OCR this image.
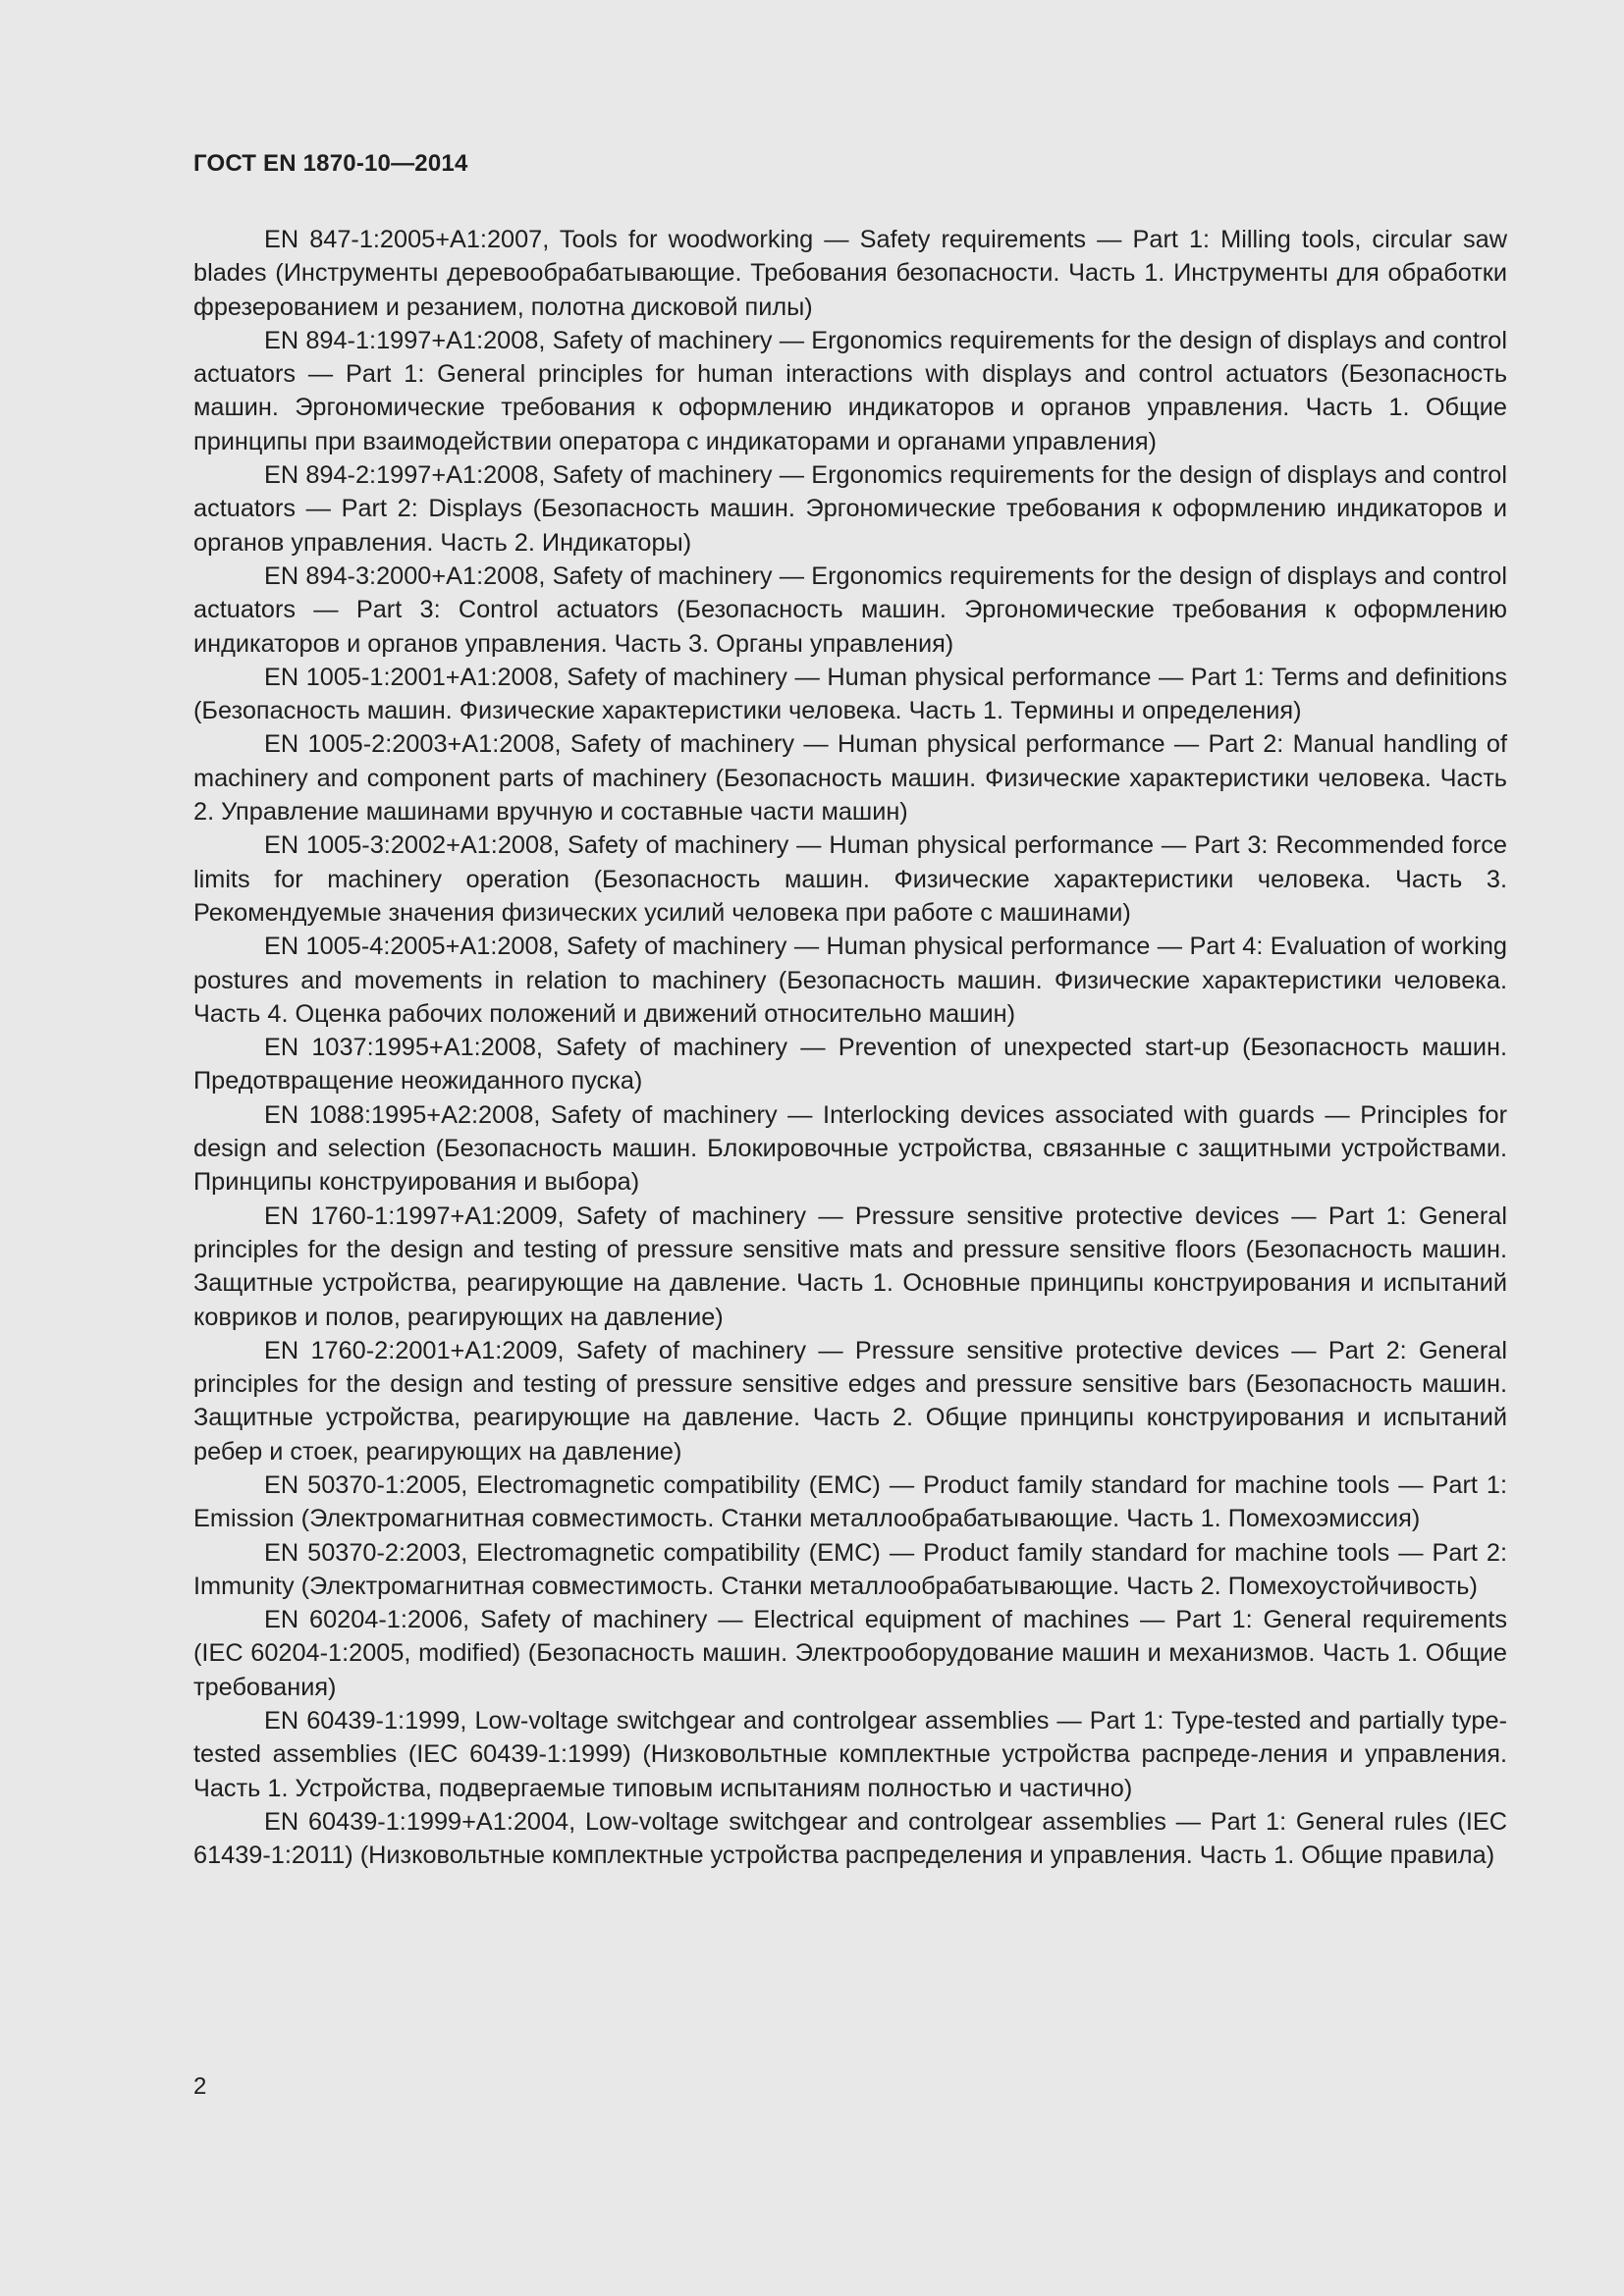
ГОСТ EN 1870-10—2014

EN 847-1:2005+A1:2007, Tools for woodworking — Safety requirements — Part 1: Milling tools, circular saw blades (Инструменты деревообрабатывающие. Требования безопасности. Часть 1. Инструменты для обработки фрезерованием и резанием, полотна дисковой пилы)

EN 894-1:1997+A1:2008, Safety of machinery — Ergonomics requirements for the design of displays and control actuators — Part 1: General principles for human interactions with displays and control actuators (Безопасность машин. Эргономические требования к оформлению индикаторов и органов управления. Часть 1. Общие принципы при взаимодействии оператора с индикаторами и органами управления)

EN 894-2:1997+A1:2008, Safety of machinery — Ergonomics requirements for the design of displays and control actuators — Part 2: Displays (Безопасность машин. Эргономические требования к оформлению индикаторов и органов управления. Часть 2. Индикаторы)

EN 894-3:2000+A1:2008, Safety of machinery — Ergonomics requirements for the design of displays and control actuators — Part 3: Control actuators (Безопасность машин. Эргономические требования к оформлению индикаторов и органов управления. Часть 3. Органы управления)

EN 1005-1:2001+A1:2008, Safety of machinery — Human physical performance — Part 1: Terms and definitions (Безопасность машин. Физические характеристики человека. Часть 1. Термины и определения)

EN 1005-2:2003+A1:2008, Safety of machinery — Human physical performance — Part 2: Manual handling of machinery and component parts of machinery (Безопасность машин. Физические характеристики человека. Часть 2. Управление машинами вручную и составные части машин)

EN 1005-3:2002+A1:2008, Safety of machinery — Human physical performance — Part 3: Recommended force limits for machinery operation (Безопасность машин. Физические характеристики человека. Часть 3. Рекомендуемые значения физических усилий человека при работе с машинами)

EN 1005-4:2005+A1:2008, Safety of machinery — Human physical performance — Part 4: Evaluation of working postures and movements in relation to machinery (Безопасность машин. Физические характеристики человека. Часть 4. Оценка рабочих положений и движений относительно машин)

EN 1037:1995+A1:2008, Safety of machinery — Prevention of unexpected start-up (Безопасность машин. Предотвращение неожиданного пуска)

EN 1088:1995+A2:2008, Safety of machinery — Interlocking devices associated with guards — Principles for design and selection (Безопасность машин. Блокировочные устройства, связанные с защитными устройствами. Принципы конструирования и выбора)

EN 1760-1:1997+A1:2009, Safety of machinery — Pressure sensitive protective devices — Part 1: General principles for the design and testing of pressure sensitive mats and pressure sensitive floors (Безопасность машин. Защитные устройства, реагирующие на давление. Часть 1. Основные принципы конструирования и испытаний ковриков и полов, реагирующих на давление)

EN 1760-2:2001+A1:2009, Safety of machinery — Pressure sensitive protective devices — Part 2: General principles for the design and testing of pressure sensitive edges and pressure sensitive bars (Безопасность машин. Защитные устройства, реагирующие на давление. Часть 2. Общие принципы конструирования и испытаний ребер и стоек, реагирующих на давление)

EN 50370-1:2005, Electromagnetic compatibility (EMC) — Product family standard for machine tools — Part 1: Emission (Электромагнитная совместимость. Станки металлообрабатывающие. Часть 1. Помехоэмиссия)

EN 50370-2:2003, Electromagnetic compatibility (EMC) — Product family standard for machine tools — Part 2: Immunity (Электромагнитная совместимость. Станки металлообрабатывающие. Часть 2. Помехоустойчивость)

EN 60204-1:2006, Safety of machinery — Electrical equipment of machines — Part 1: General requirements (IEC 60204-1:2005, modified) (Безопасность машин. Электрооборудование машин и механизмов. Часть 1. Общие требования)

EN 60439-1:1999, Low-voltage switchgear and controlgear assemblies — Part 1: Type-tested and partially type-tested assemblies (IEC 60439-1:1999) (Низковольтные комплектные устройства распреде-ления и управления. Часть 1. Устройства, подвергаемые типовым испытаниям полностью и частично)

EN 60439-1:1999+A1:2004, Low-voltage switchgear and controlgear assemblies — Part 1: General rules (IEC 61439-1:2011) (Низковольтные комплектные устройства распределения и управления. Часть 1. Общие правила)

2
